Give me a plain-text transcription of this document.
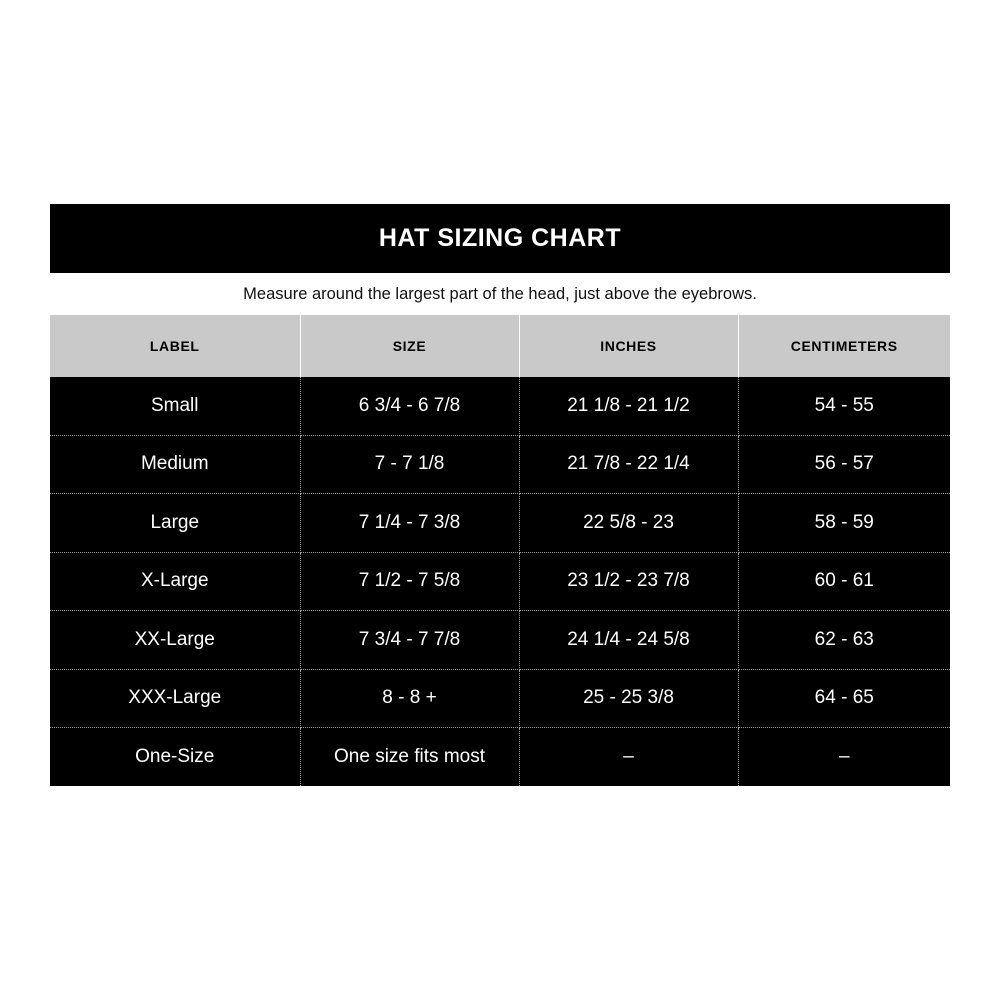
HAT SIZING CHART
Measure around the largest part of the head, just above the eyebrows.
LABEL	SIZE	INCHES	CENTIMETERS
Small	6 3/4 - 6 7/8	21 1/8 - 21 1/2	54 - 55
Medium	7 - 7 1/8	21 7/8 - 22 1/4	56 - 57
Large	7 1/4 - 7 3/8	22 5/8 - 23	58 - 59
X-Large	7 1/2 - 7 5/8	23 1/2 - 23 7/8	60 - 61
XX-Large	7 3/4 - 7 7/8	24 1/4 - 24 5/8	62 - 63
XXX-Large	8 - 8 +	25 - 25 3/8	64 - 65
One-Size	One size fits most	–	–
